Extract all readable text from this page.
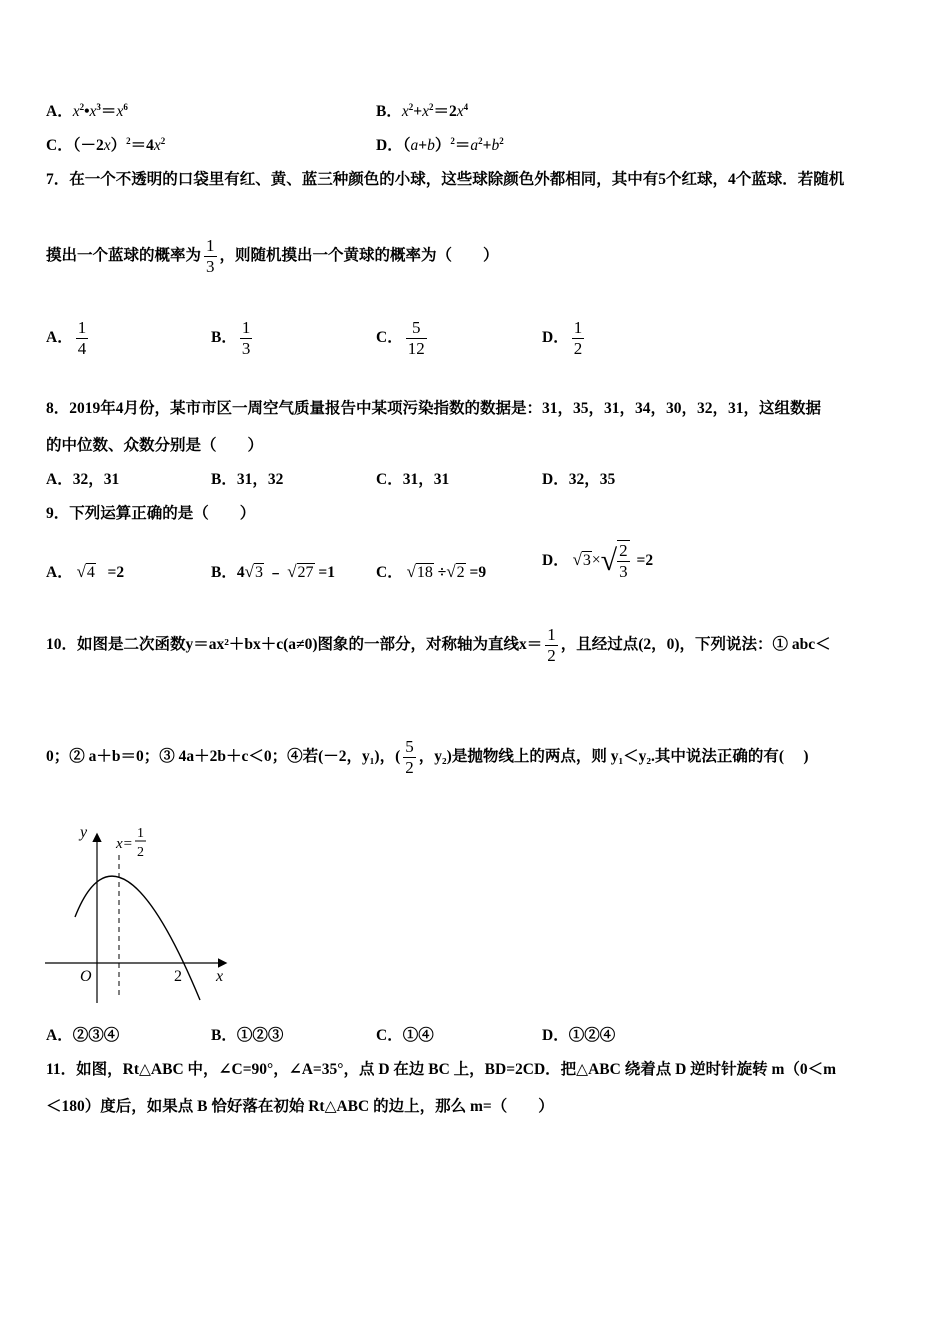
A．$x^2•x^3=x^6$	B．$x^2+x^2=2x^4$
C．$(-2x)^2=4x^2$	D．$(a+b)^2=a^2+b^2$
7．在一个不透明的口袋里有红、黄、蓝三种颜色的小球，这些球除颜色外都相同，其中有5个红球，4个蓝球．若随机
摸出一个蓝球的概率为 $\frac{1}{3}$ ，则随机摸出一个黄球的概率为（　　）
A． $\frac{1}{4}$	B． $\frac{1}{3}$	C． $\frac{5}{12}$	D． $\frac{1}{2}$
8．2019年4月份，某市市区一周空气质量报告中某项污染指数的数据是：31，35，31，34，30，32，31，这组数据
的中位数、众数分别是（　　）
A．32，31	B．31，32	C．31，31	D．32，35
9．下列运算正确的是（　　）
A． √4 =2	B．4√3 ﹣ √27 =1	C． √18 ÷√2 =9
D． $√3\times√ \frac{2}{3} =2$
10．如图是二次函数y＝ax²＋bx＋c(a≠0)图象的一部分，对称轴为直线$x= \frac{1}{2}$ ，且经过点(2，0)，下列说法：① abc＜
0；② a＋b＝0；③ 4a＋2b＋c＜0；④若(－2，y₁)，( $\frac{5}{2}$ ，y₂)是抛物线上的两点，则 y₁＜y₂.其中说法正确的有(　 )
y
x
O	2
x=
1
2
A．②③④	B．①②③	C．①④	D．①②④
11．如图，Rt△ABC 中，∠C=90°，∠A=35°，点 D 在边 BC 上，BD=2CD．把△ABC 绕着点 D 逆时针旋转 m（0＜m
＜180）度后，如果点 B 恰好落在初始 Rt△ABC 的边上，那么 m=（　　）
